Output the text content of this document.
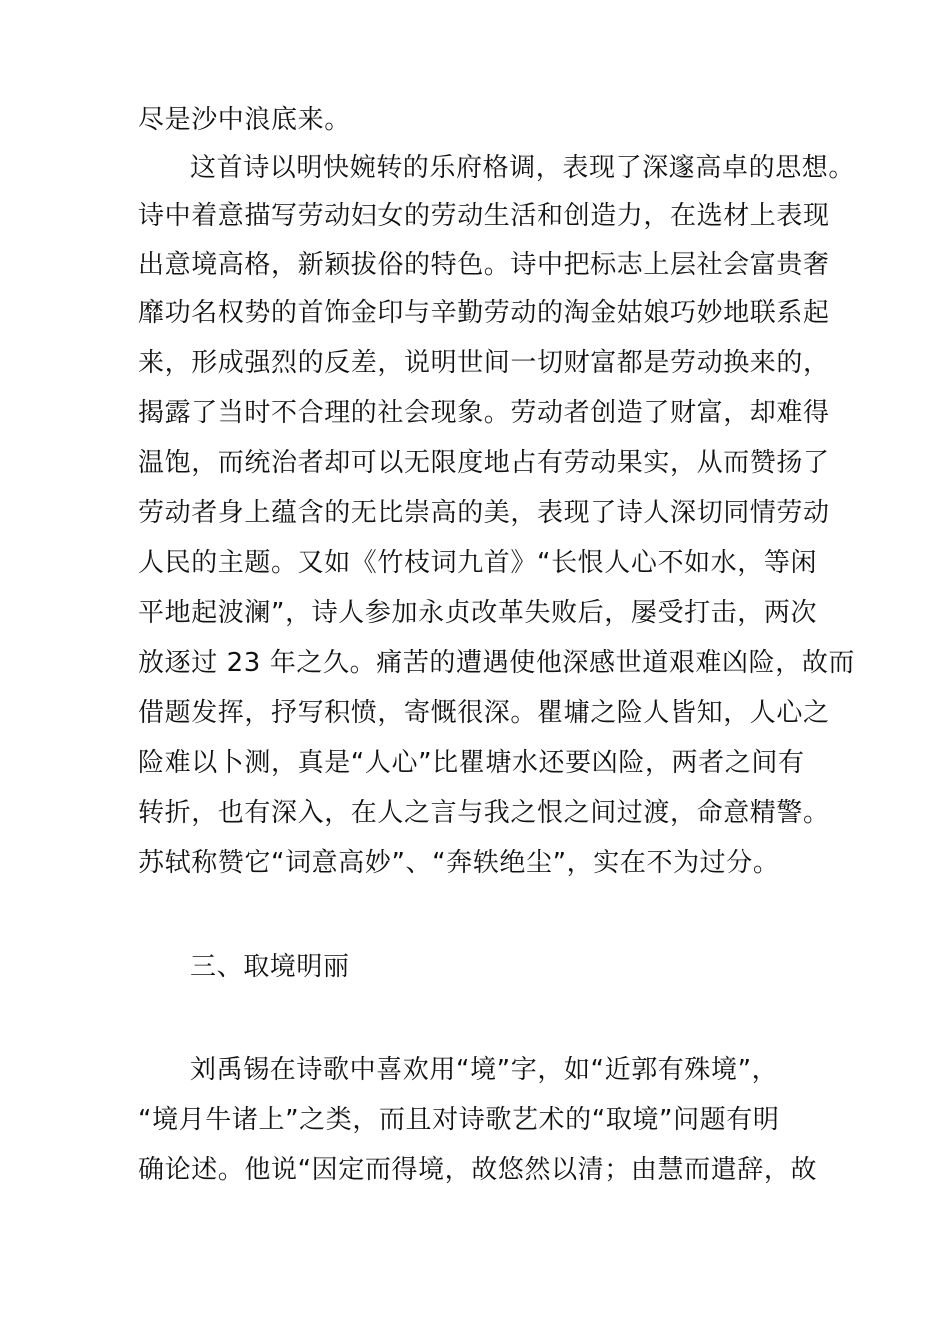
尽是沙中浪底来。
这首诗以明快婉转的乐府格调，表现了深邃高卓的思想。
诗中着意描写劳动妇女的劳动生活和创造力，在选材上表现
出意境高格，新颖拔俗的特色。诗中把标志上层社会富贵奢
靡功名权势的首饰金印与辛勤劳动的淘金姑娘巧妙地联系起
来，形成强烈的反差，说明世间一切财富都是劳动换来的，
揭露了当时不合理的社会现象。劳动者创造了财富，却难得
温饱，而统治者却可以无限度地占有劳动果实，从而赞扬了
劳动者身上蕴含的无比崇高的美，表现了诗人深切同情劳动
人民的主题。又如《竹枝词九首》“长恨人心不如水，等闲
平地起波澜”，诗人参加永贞改革失败后，屡受打击，两次
放逐过 23 年之久。痛苦的遭遇使他深感世道艰难凶险，故而
借题发挥，抒写积愤，寄慨很深。瞿墉之险人皆知，人心之
险难以卜测，真是“人心”比瞿塘水还要凶险，两者之间有
转折，也有深入，在人之言与我之恨之间过渡，命意精警。
苏轼称赞它“词意高妙”、“奔轶绝尘”，实在不为过分。
三、取境明丽
刘禹锡在诗歌中喜欢用“境”字，如“近郭有殊境”，
“境月牛诸上”之类，而且对诗歌艺术的“取境”问题有明
确论述。他说“因定而得境，故悠然以清；由慧而遣辞，故
